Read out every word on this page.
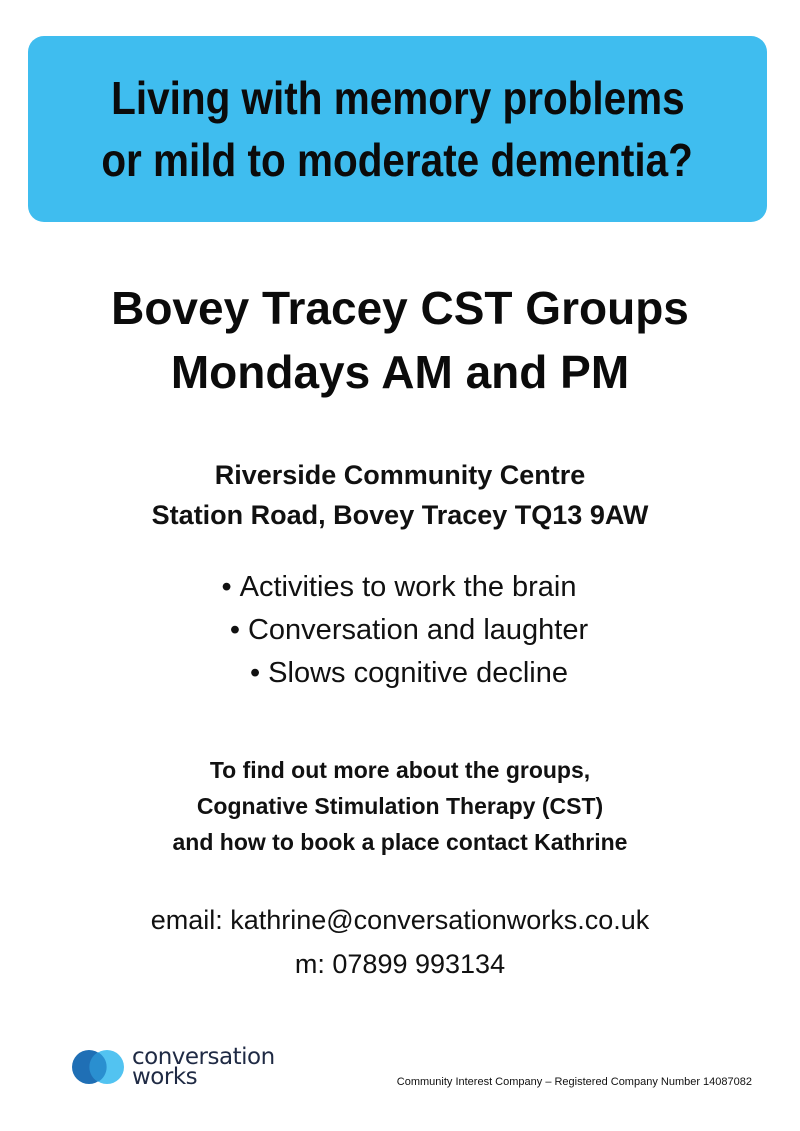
Living with memory problems
or mild to moderate dementia?
Bovey Tracey CST Groups
Mondays AM and PM
Riverside Community Centre
Station Road, Bovey Tracey TQ13 9AW
• Activities to work the brain
• Conversation and laughter
• Slows cognitive decline
To find out more about the groups,
Cognative Stimulation Therapy (CST)
and how to book a place contact Kathrine
email: kathrine@conversationworks.co.uk
m: 07899 993134
conversation
works	Community Interest Company – Registered Company Number 14087082
